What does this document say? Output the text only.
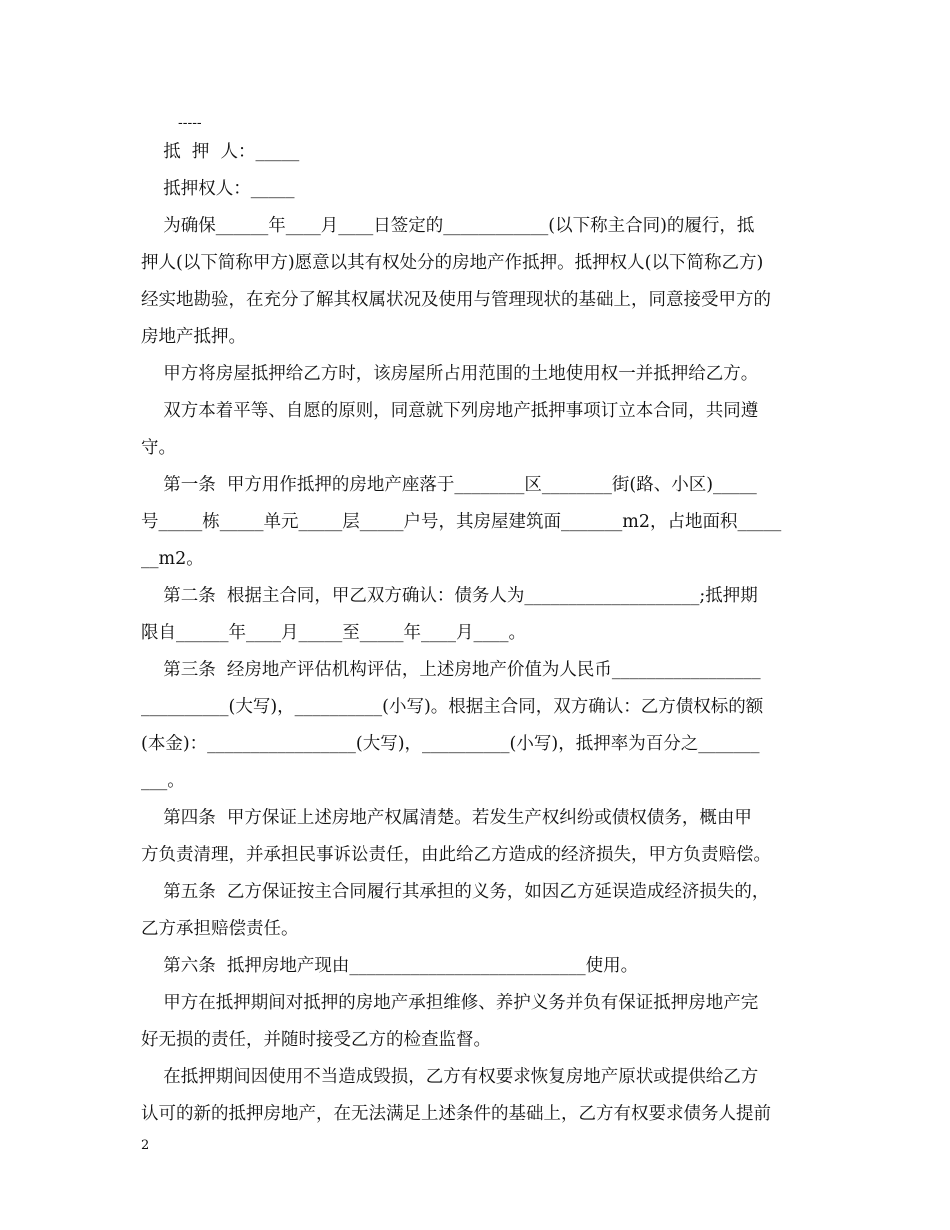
-----

抵  押  人：_____

抵押权人：_____

为确保______年____月____日签定的____________(以下称主合同)的履行，抵

押人(以下简称甲方)愿意以其有权处分的房地产作抵押。抵押权人(以下简称乙方)

经实地勘验，在充分了解其权属状况及使用与管理现状的基础上，同意接受甲方的

房地产抵押。

甲方将房屋抵押给乙方时，该房屋所占用范围的土地使用权一并抵押给乙方。

双方本着平等、自愿的原则，同意就下列房地产抵押事项订立本合同，共同遵

守。

第一条  甲方用作抵押的房地产座落于________区________街(路、小区)_____

号_____栋_____单元_____层_____户号，其房屋建筑面_______m2，占地面积_____

__m2。

第二条  根据主合同，甲乙双方确认：债务人为____________________;抵押期

限自______年____月_____至_____年____月____。

第三条  经房地产评估机构评估，上述房地产价值为人民币_________________

__________(大写)，__________(小写)。根据主合同，双方确认：乙方债权标的额

(本金)：_________________(大写)，__________(小写)，抵押率为百分之_______

___。

第四条  甲方保证上述房地产权属清楚。若发生产权纠纷或债权债务，概由甲

方负责清理，并承担民事诉讼责任，由此给乙方造成的经济损失，甲方负责赔偿。

第五条  乙方保证按主合同履行其承担的义务，如因乙方延误造成经济损失的，

乙方承担赔偿责任。

第六条  抵押房地产现由___________________________使用。

甲方在抵押期间对抵押的房地产承担维修、养护义务并负有保证抵押房地产完

好无损的责任，并随时接受乙方的检查监督。

在抵押期间因使用不当造成毁损，乙方有权要求恢复房地产原状或提供给乙方

认可的新的抵押房地产，在无法满足上述条件的基础上，乙方有权要求债务人提前

2
